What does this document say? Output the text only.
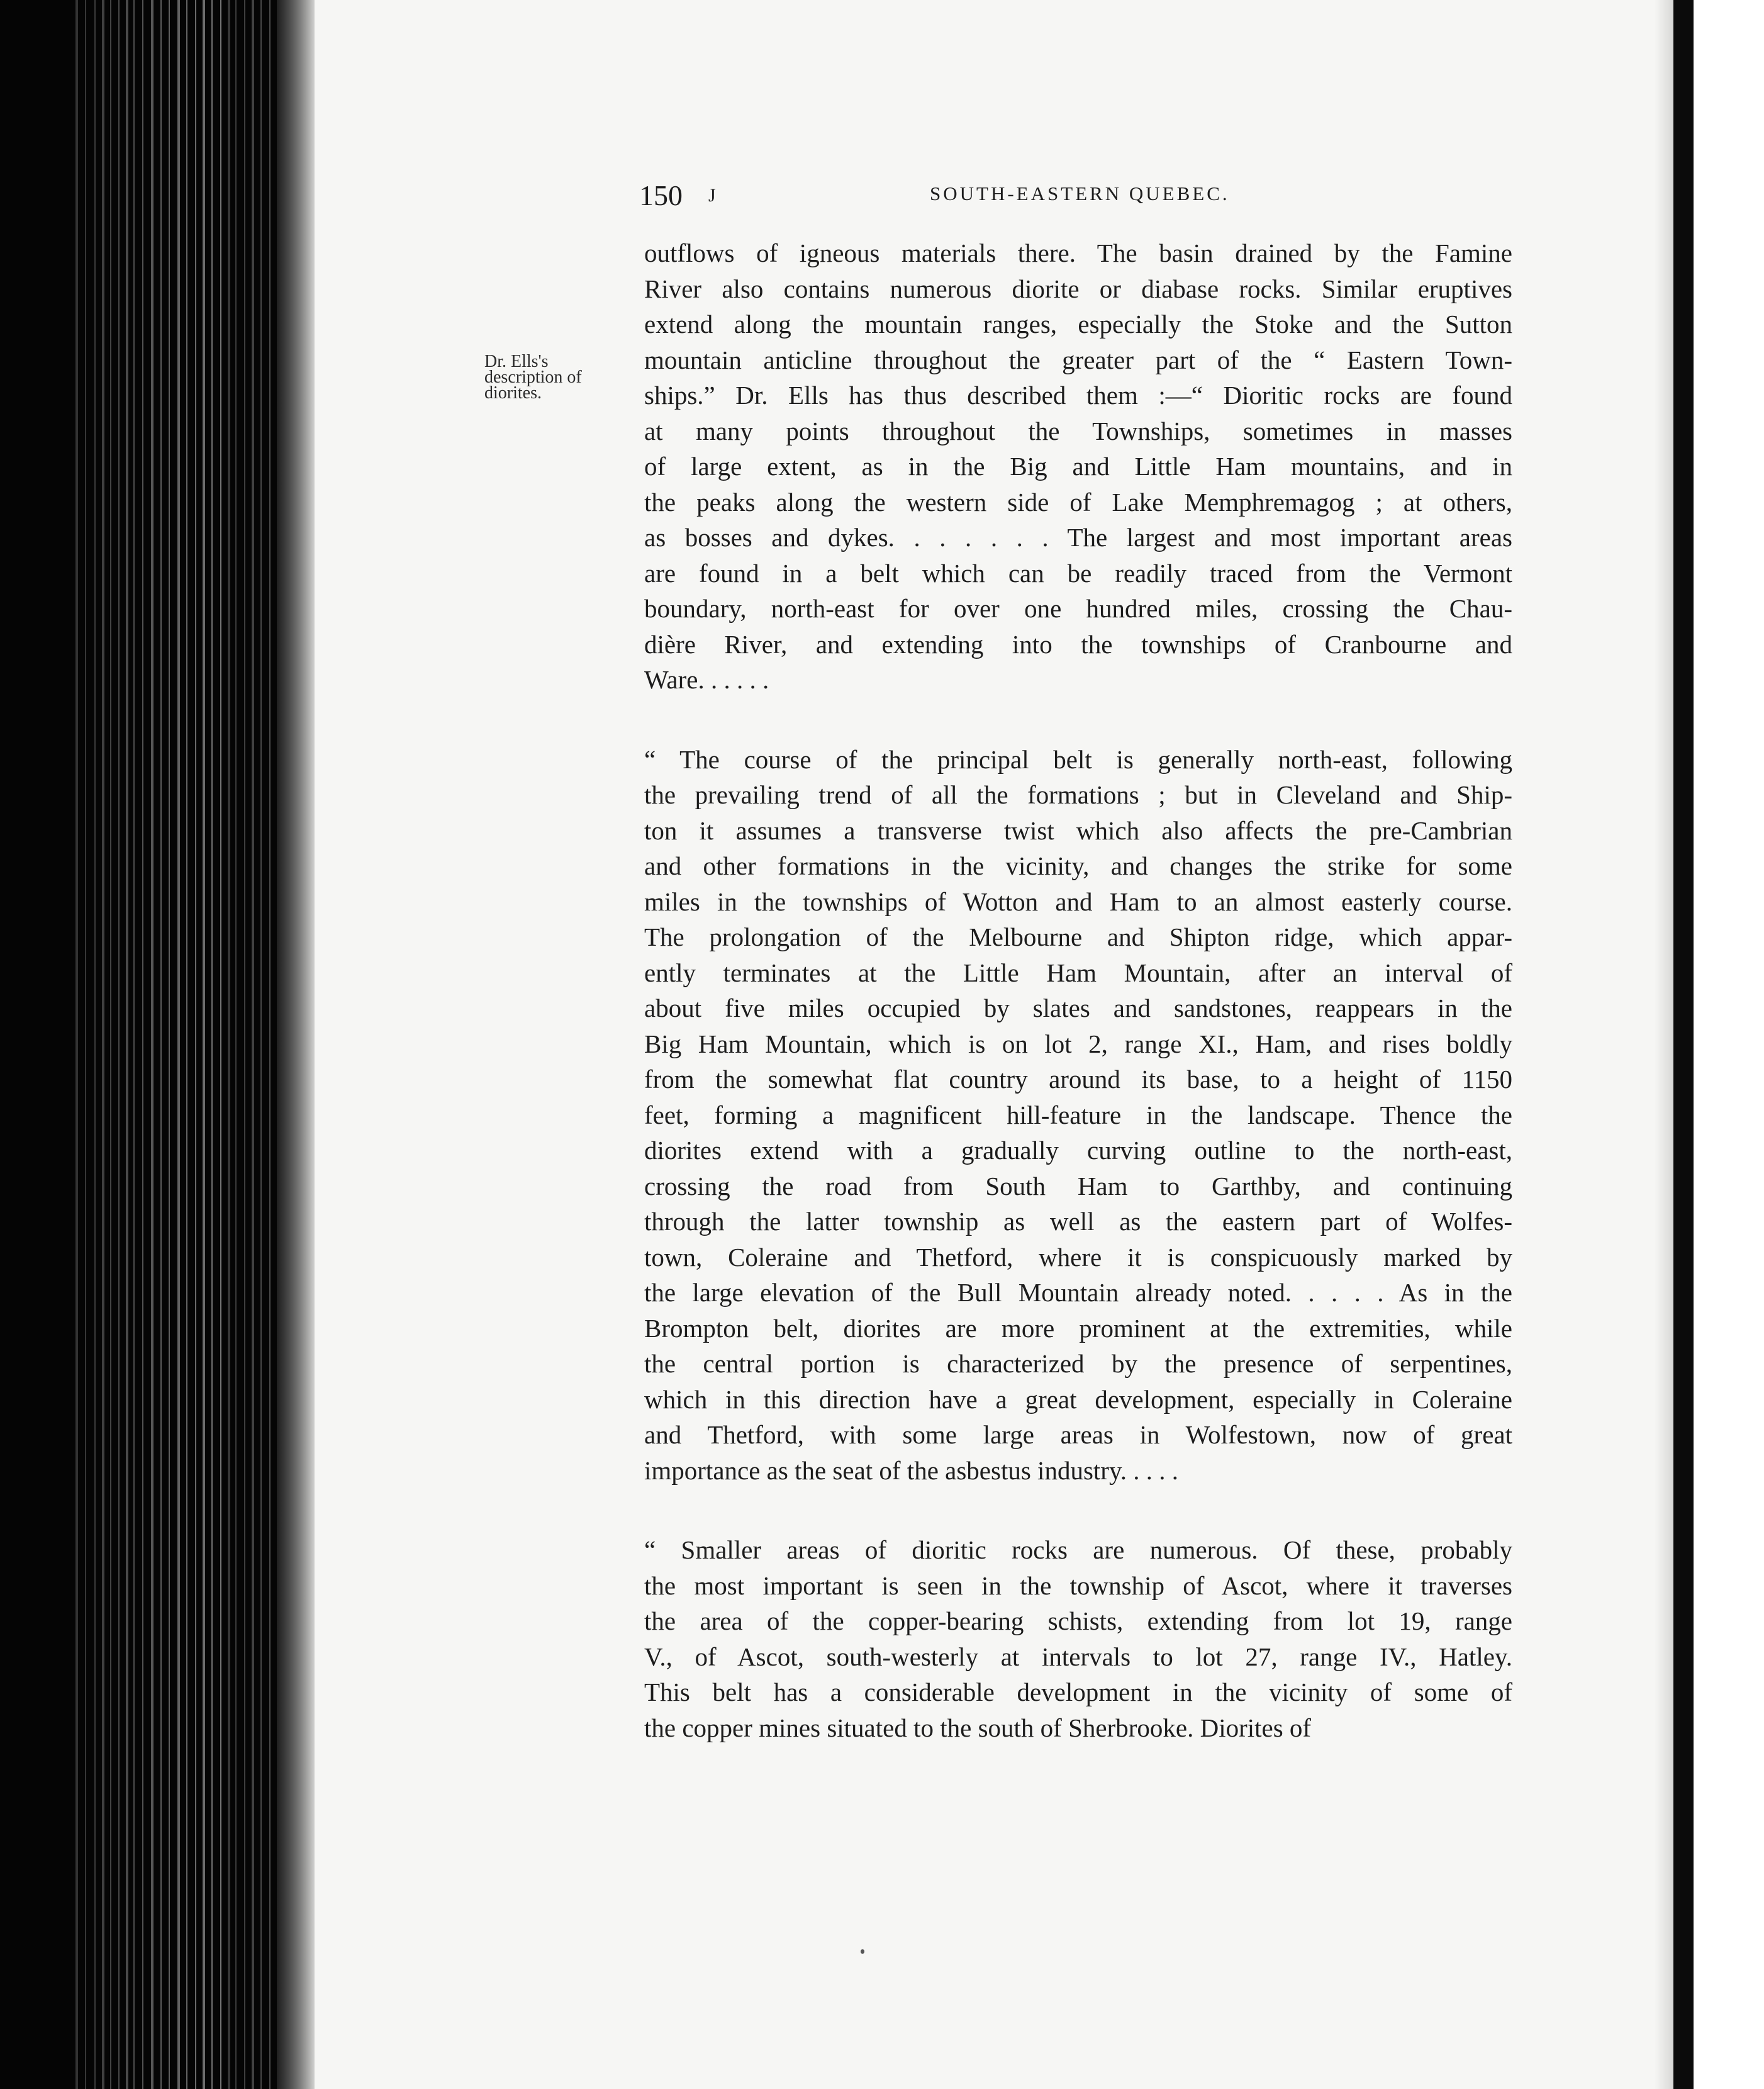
150 J	SOUTH-EASTERN QUEBEC.
Dr. Ells's
description of
diorites.
outflows of igneous materials there. The basin drained by the Famine
River also contains numerous diorite or diabase rocks. Similar eruptives
extend along the mountain ranges, especially the Stoke and the Sutton
mountain anticline throughout the greater part of the “ Eastern Town-
ships.” Dr. Ells has thus described them :—“ Dioritic rocks are found
at many points throughout the Townships, sometimes in masses
of large extent, as in the Big and Little Ham mountains, and in
the peaks along the western side of Lake Memphremagog ; at others,
as bosses and dykes. . . . . . . The largest and most important areas
are found in a belt which can be readily traced from the Vermont
boundary, north-east for over one hundred miles, crossing the Chau-
dière River, and extending into the townships of Cranbourne and
Ware. . . . . .
“ The course of the principal belt is generally north-east, following
the prevailing trend of all the formations ; but in Cleveland and Ship-
ton it assumes a transverse twist which also affects the pre-Cambrian
and other formations in the vicinity, and changes the strike for some
miles in the townships of Wotton and Ham to an almost easterly course.
The prolongation of the Melbourne and Shipton ridge, which appar-
ently terminates at the Little Ham Mountain, after an interval of
about five miles occupied by slates and sandstones, reappears in the
Big Ham Mountain, which is on lot 2, range XI., Ham, and rises boldly
from the somewhat flat country around its base, to a height of 1150
feet, forming a magnificent hill-feature in the landscape. Thence the
diorites extend with a gradually curving outline to the north-east,
crossing the road from South Ham to Garthby, and continuing
through the latter township as well as the eastern part of Wolfes-
town, Coleraine and Thetford, where it is conspicuously marked by
the large elevation of the Bull Mountain already noted. . . . . As in the
Brompton belt, diorites are more prominent at the extremities, while
the central portion is characterized by the presence of serpentines,
which in this direction have a great development, especially in Coleraine
and Thetford, with some large areas in Wolfestown, now of great
importance as the seat of the asbestus industry. . . . .
“ Smaller areas of dioritic rocks are numerous. Of these, probably
the most important is seen in the township of Ascot, where it traverses
the area of the copper-bearing schists, extending from lot 19, range
V., of Ascot, south-westerly at intervals to lot 27, range IV., Hatley.
This belt has a considerable development in the vicinity of some of
the copper mines situated to the south of Sherbrooke. Diorites of
